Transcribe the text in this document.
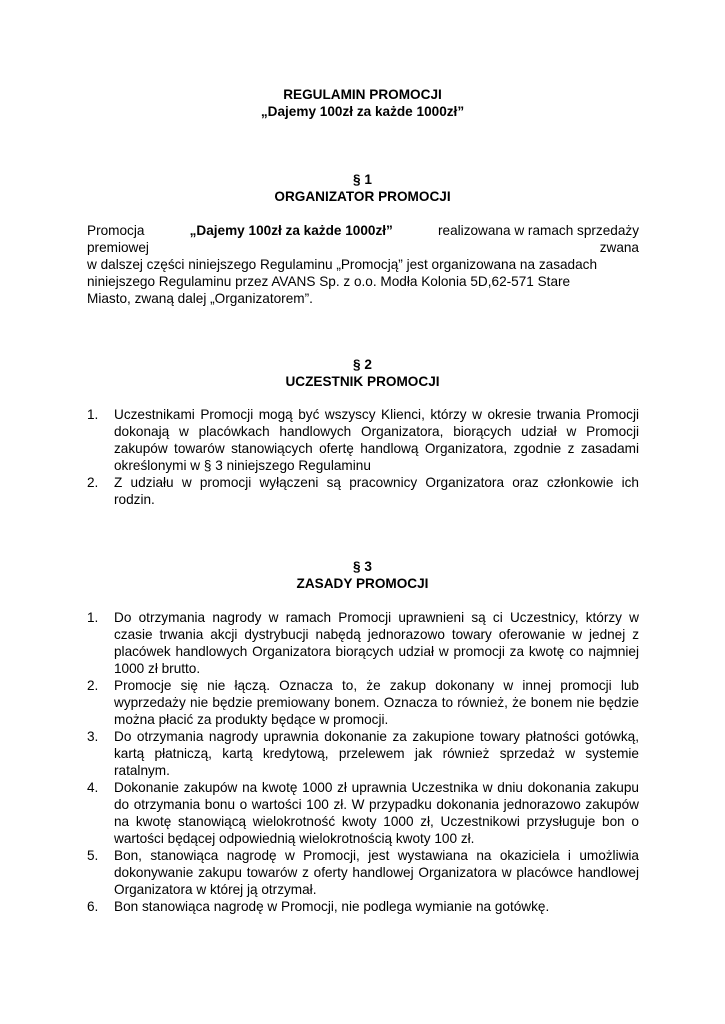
REGULAMIN PROMOCJI
„Dajemy 100zł za każde 1000zł”
§ 1
ORGANIZATOR PROMOCJI
Promocja	„Dajemy 100zł za każde 1000zł”	realizowana w ramach sprzedaży
premiowej	zwana
w dalszej części niniejszego Regulaminu „Promocją” jest organizowana na zasadach
niniejszego Regulaminu przez AVANS Sp. z o.o. Modła Kolonia 5D,62-571 Stare
Miasto, zwaną dalej „Organizatorem”.
§ 2
UCZESTNIK PROMOCJI
1.	Uczestnikami Promocji mogą być wszyscy Klienci, którzy w okresie trwania Promocji dokonają w placówkach handlowych Organizatora, biorących udział w Promocji zakupów towarów stanowiących ofertę handlową Organizatora, zgodnie z zasadami określonymi w § 3 niniejszego Regulaminu
2.	Z udziału w promocji wyłączeni są pracownicy Organizatora oraz członkowie ich rodzin.
§ 3
ZASADY PROMOCJI
1.	Do otrzymania nagrody w ramach Promocji uprawnieni są ci Uczestnicy, którzy w czasie trwania akcji dystrybucji nabędą jednorazowo towary oferowanie w jednej z placówek handlowych Organizatora biorących udział w promocji za kwotę co najmniej 1000 zł brutto.
2.	Promocje się nie łączą. Oznacza to, że zakup dokonany w innej promocji lub wyprzedaży nie będzie premiowany bonem. Oznacza to również, że bonem nie będzie można płacić za produkty będące w promocji.
3.	Do otrzymania nagrody uprawnia dokonanie za zakupione towary płatności gotówką, kartą płatniczą, kartą kredytową, przelewem jak również sprzedaż w systemie ratalnym.
4.	Dokonanie zakupów na kwotę 1000 zł uprawnia Uczestnika w dniu dokonania zakupu do otrzymania bonu o wartości 100 zł. W przypadku dokonania jednorazowo zakupów na kwotę stanowiącą wielokrotność kwoty 1000 zł, Uczestnikowi przysługuje bon o wartości będącej odpowiednią wielokrotnością kwoty 100 zł.
5.	Bon, stanowiąca nagrodę w Promocji, jest wystawiana na okaziciela i umożliwia dokonywanie zakupu towarów z oferty handlowej Organizatora w placówce handlowej Organizatora w której ją otrzymał.
6.	Bon stanowiąca nagrodę w Promocji, nie podlega wymianie na gotówkę.
